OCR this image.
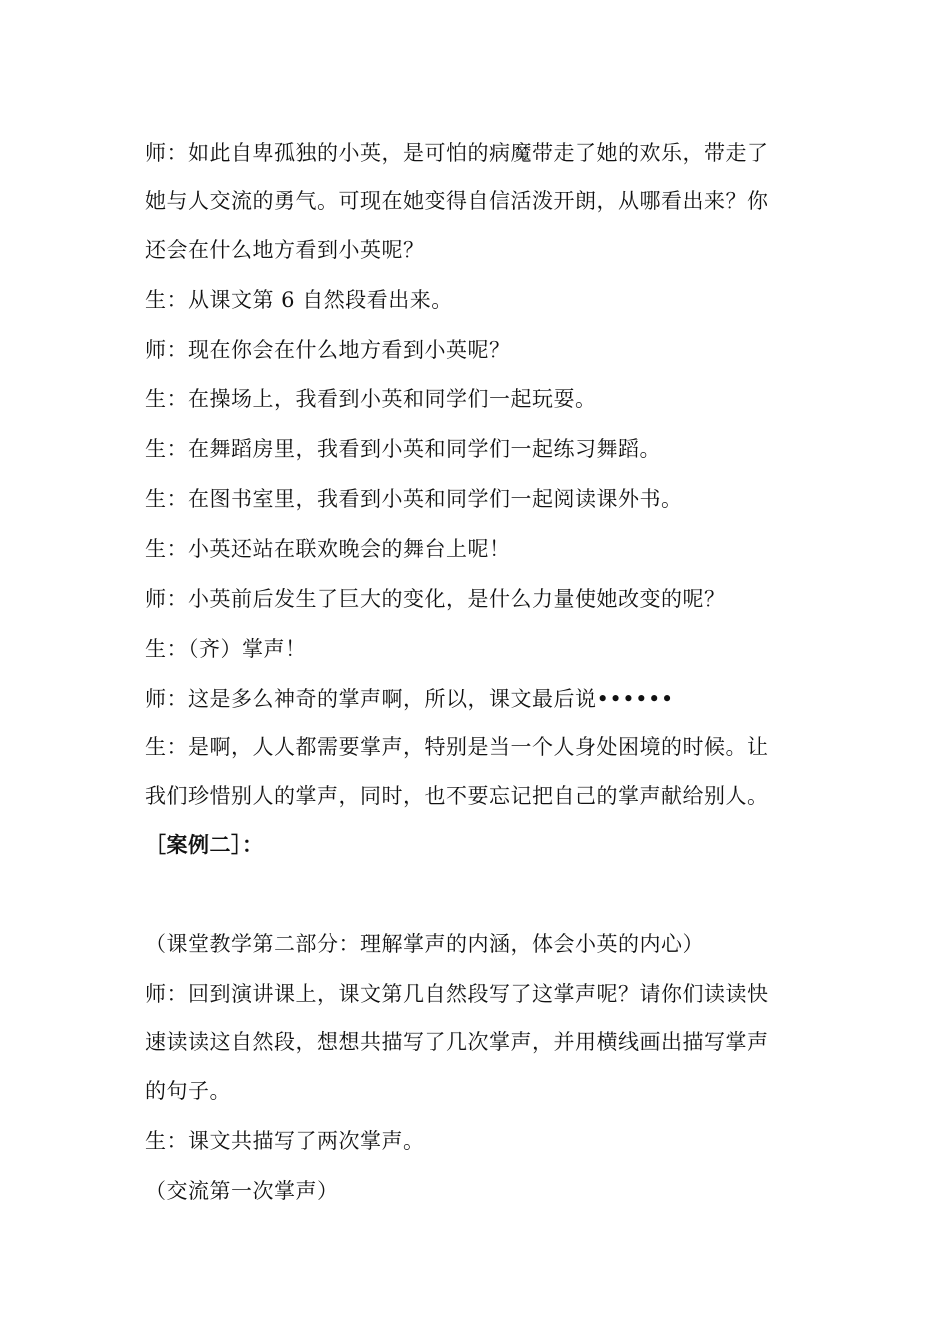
师：如此自卑孤独的小英，是可怕的病魔带走了她的欢乐，带走了
她与人交流的勇气。可现在她变得自信活泼开朗，从哪看出来？你
还会在什么地方看到小英呢？
生：从课文第 6 自然段看出来。
师：现在你会在什么地方看到小英呢？
生：在操场上，我看到小英和同学们一起玩耍。
生：在舞蹈房里，我看到小英和同学们一起练习舞蹈。
生：在图书室里，我看到小英和同学们一起阅读课外书。
生：小英还站在联欢晚会的舞台上呢！
师：小英前后发生了巨大的变化，是什么力量使她改变的呢？
生：（齐）掌声！
师：这是多么神奇的掌声啊，所以，课文最后说••••••
生：是啊，人人都需要掌声，特别是当一个人身处困境的时候。让
我们珍惜别人的掌声，同时，也不要忘记把自己的掌声献给别人。
［案例二］：
（课堂教学第二部分：理解掌声的内涵，体会小英的内心）
师：回到演讲课上，课文第几自然段写了这掌声呢？请你们读读快
速读读这自然段，想想共描写了几次掌声，并用横线画出描写掌声
的句子。
生：课文共描写了两次掌声。
（交流第一次掌声）
